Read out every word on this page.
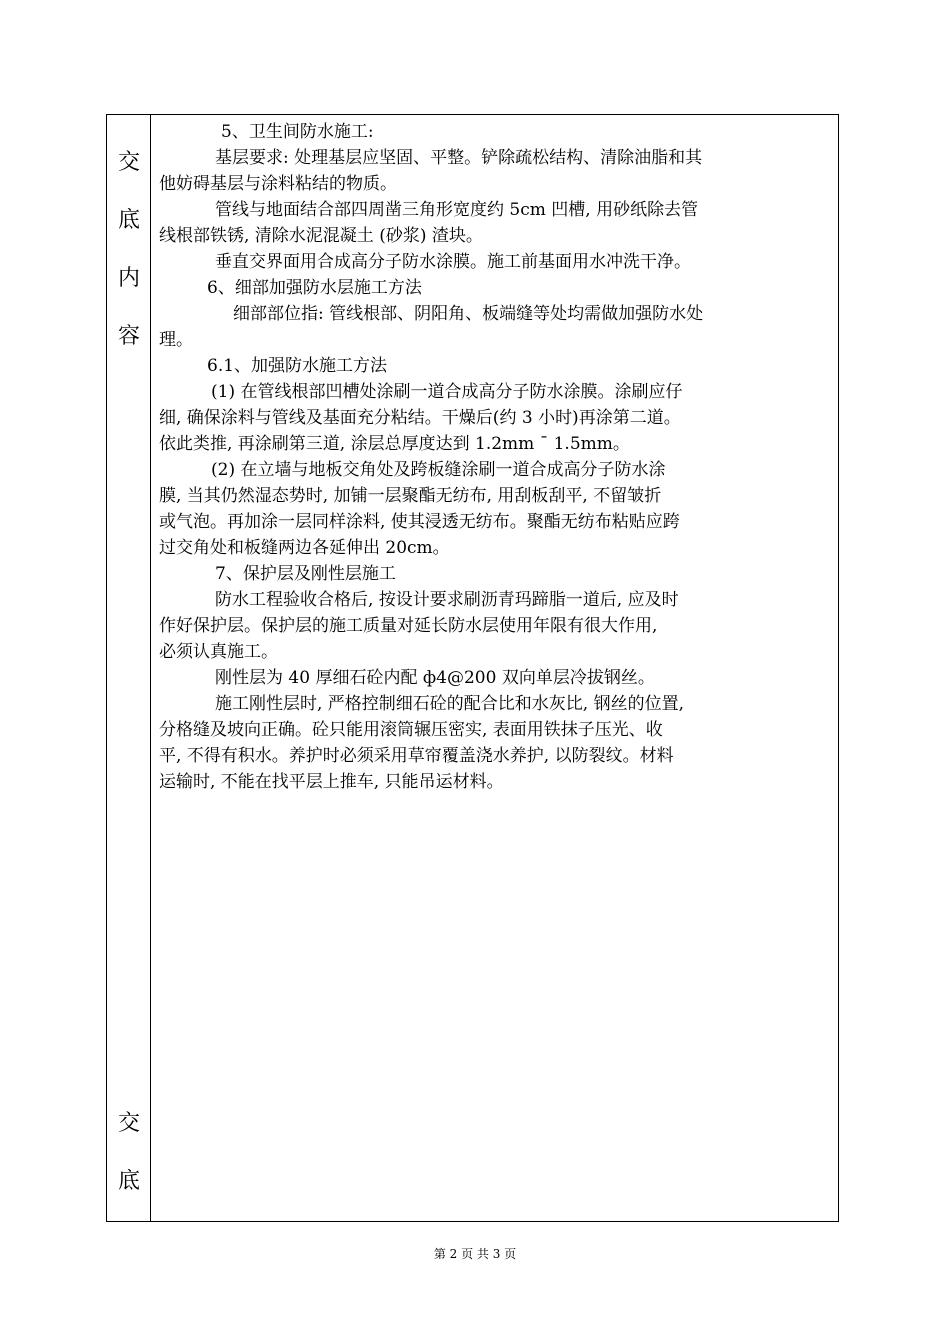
交
底
内
容
交
底
5、卫生间防水施工:
基层要求: 处理基层应坚固、平整。铲除疏松结构、清除油脂和其
他妨碍基层与涂料粘结的物质。
管线与地面结合部四周凿三角形宽度约 5cm 凹槽, 用砂纸除去管
线根部铁锈, 清除水泥混凝土 (砂浆) 渣块。
垂直交界面用合成高分子防水涂膜。施工前基面用水冲洗干净。
6、细部加强防水层施工方法
细部部位指: 管线根部、阴阳角、板端缝等处均需做加强防水处
理。
6.1、加强防水施工方法
(1) 在管线根部凹槽处涂刷一道合成高分子防水涂膜。涂刷应仔
细, 确保涂料与管线及基面充分粘结。干燥后(约 3 小时)再涂第二道。
依此类推, 再涂刷第三道, 涂层总厚度达到 1.2mm ¯ 1.5mm。
(2) 在立墙与地板交角处及跨板缝涂刷一道合成高分子防水涂
膜, 当其仍然湿态势时, 加铺一层聚酯无纺布, 用刮板刮平, 不留皱折
或气泡。再加涂一层同样涂料, 使其浸透无纺布。聚酯无纺布粘贴应跨
过交角处和板缝两边各延伸出 20cm。
7、保护层及刚性层施工
防水工程验收合格后, 按设计要求刷沥青玛蹄脂一道后, 应及时
作好保护层。保护层的施工质量对延长防水层使用年限有很大作用,
必须认真施工。
刚性层为 40 厚细石砼内配 ф4@200 双向单层冷拔钢丝。
施工刚性层时, 严格控制细石砼的配合比和水灰比, 钢丝的位置,
分格缝及坡向正确。砼只能用滚筒辗压密实, 表面用铁抹子压光、收
平, 不得有积水。养护时必须采用草帘覆盖浇水养护, 以防裂纹。材料
运输时, 不能在找平层上推车, 只能吊运材料。
第 2 页 共 3 页
